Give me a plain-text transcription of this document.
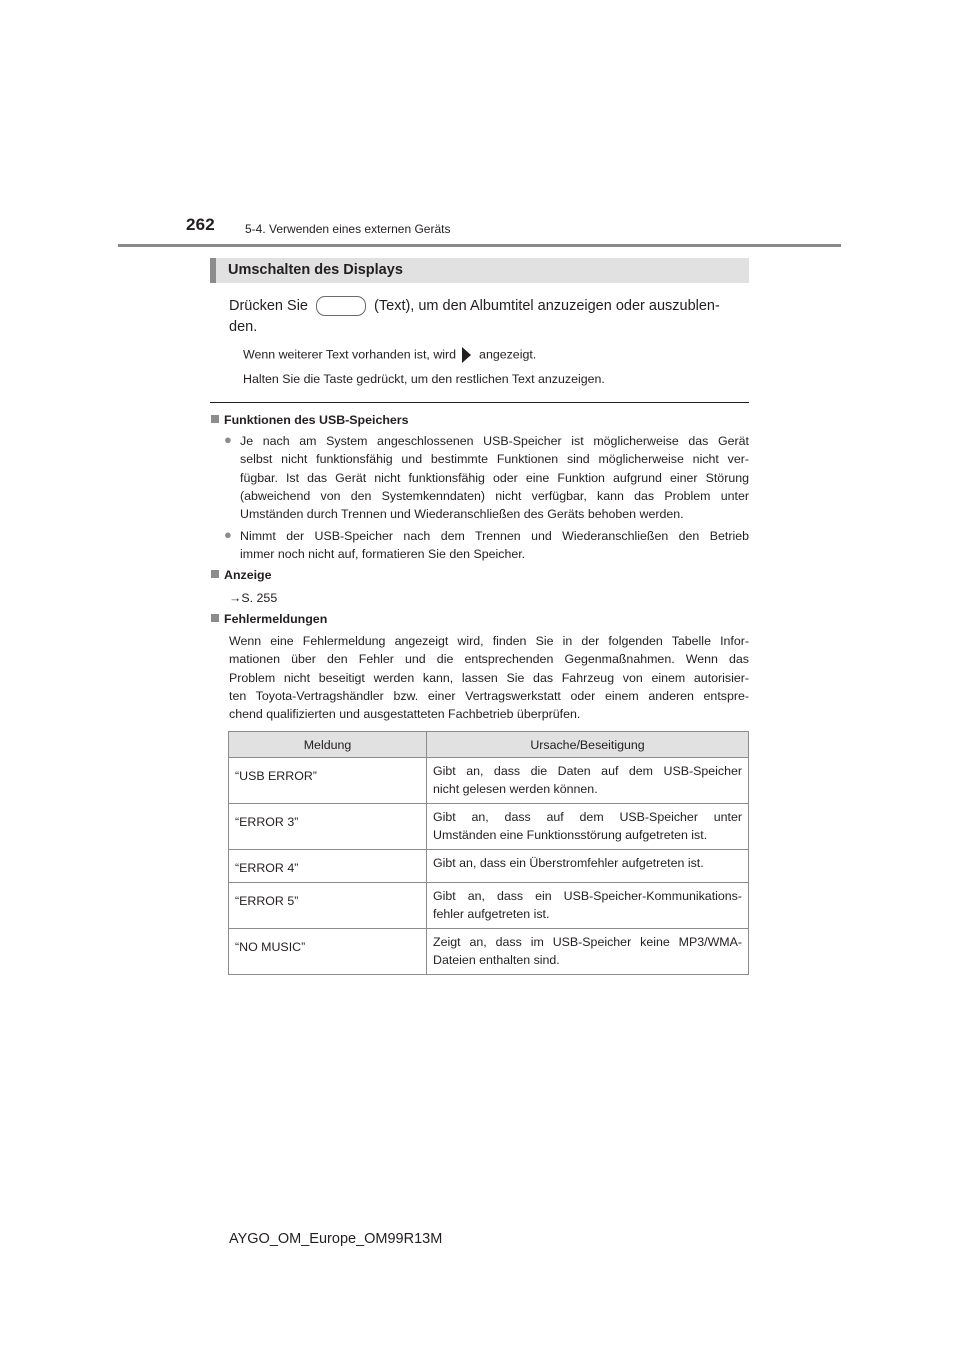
262	5-4. Verwenden eines externen Geräts
Umschalten des Displays
Drücken Sie	(Text), um den Albumtitel anzuzeigen oder auszublen-
den.
Wenn weiterer Text vorhanden ist, wird angezeigt.
Halten Sie die Taste gedrückt, um den restlichen Text anzuzeigen.
Funktionen des USB-Speichers
● Je nach am System angeschlossenen USB-Speicher ist möglicherweise das Gerät
selbst nicht funktionsfähig und bestimmte Funktionen sind möglicherweise nicht ver-
fügbar. Ist das Gerät nicht funktionsfähig oder eine Funktion aufgrund einer Störung
(abweichend von den Systemkenndaten) nicht verfügbar, kann das Problem unter
Umständen durch Trennen und Wiederanschließen des Geräts behoben werden.
● Nimmt der USB-Speicher nach dem Trennen und Wiederanschließen den Betrieb
immer noch nicht auf, formatieren Sie den Speicher.
Anzeige
→S. 255
Fehlermeldungen
Wenn eine Fehlermeldung angezeigt wird, finden Sie in der folgenden Tabelle Infor-
mationen über den Fehler und die entsprechenden Gegenmaßnahmen. Wenn das
Problem nicht beseitigt werden kann, lassen Sie das Fahrzeug von einem autorisier-
ten Toyota-Vertragshändler bzw. einer Vertragswerkstatt oder einem anderen entspre-
chend qualifizierten und ausgestatteten Fachbetrieb überprüfen.
Meldung	Ursache/Beseitigung
“USB ERROR”	Gibt an, dass die Daten auf dem USB-Speicher
nicht gelesen werden können.

“ERROR 3”	Gibt an, dass auf dem USB-Speicher unter
Umständen eine Funktionsstörung aufgetreten ist.

“ERROR 4”	Gibt an, dass ein Überstromfehler aufgetreten ist.

“ERROR 5”	Gibt an, dass ein USB-Speicher-Kommunikations-
fehler aufgetreten ist.

“NO MUSIC”	Zeigt an, dass im USB-Speicher keine MP3/WMA-
Dateien enthalten sind.
AYGO_OM_Europe_OM99R13M
